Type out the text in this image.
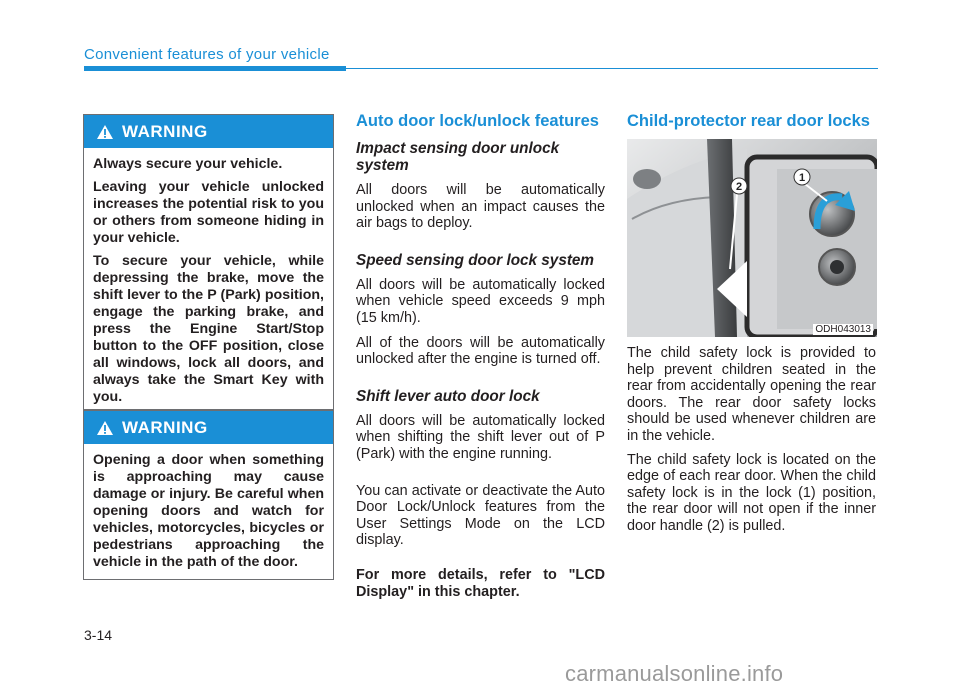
Convenient features of your vehicle
WARNING

Always secure your vehicle.

Leaving your vehicle unlocked increases the potential risk to you or others from someone hiding in your vehicle.

To secure your vehicle, while depressing the brake, move the shift lever to the P (Park) position, engage the parking brake, and press the Engine Start/Stop button to the OFF position, close all windows, lock all doors, and always take the Smart Key with you.

WARNING

Opening a door when something is approaching may cause damage or injury. Be careful when opening doors and watch for vehicles, motorcycles, bicycles or pedestrians approaching the vehicle in the path of the door.

Auto door lock/unlock features
Impact sensing door unlock system

All doors will be automatically unlocked when an impact causes the air bags to deploy.

Speed sensing door lock system

All doors will be automatically locked when vehicle speed exceeds 9 mph (15 km/h).

All of the doors will be automatically unlocked after the engine is turned off.

Shift lever auto door lock

All doors will be automatically locked when shifting the shift lever out of P (Park) with the engine running.

You can activate or deactivate the Auto Door Lock/Unlock features from the User Settings Mode on the LCD display.

For more details, refer to "LCD Display" in this chapter.

Child-protector rear door locks
2
1
ODH043013

The child safety lock is provided to help prevent children seated in the rear from accidentally opening the rear doors. The rear door safety locks should be used whenever children are in the vehicle.

The child safety lock is located on the edge of each rear door. When the child safety lock is in the lock (1) position, the rear door will not open if the inner door handle (2) is pulled.

3-14
carmanualsonline.info
